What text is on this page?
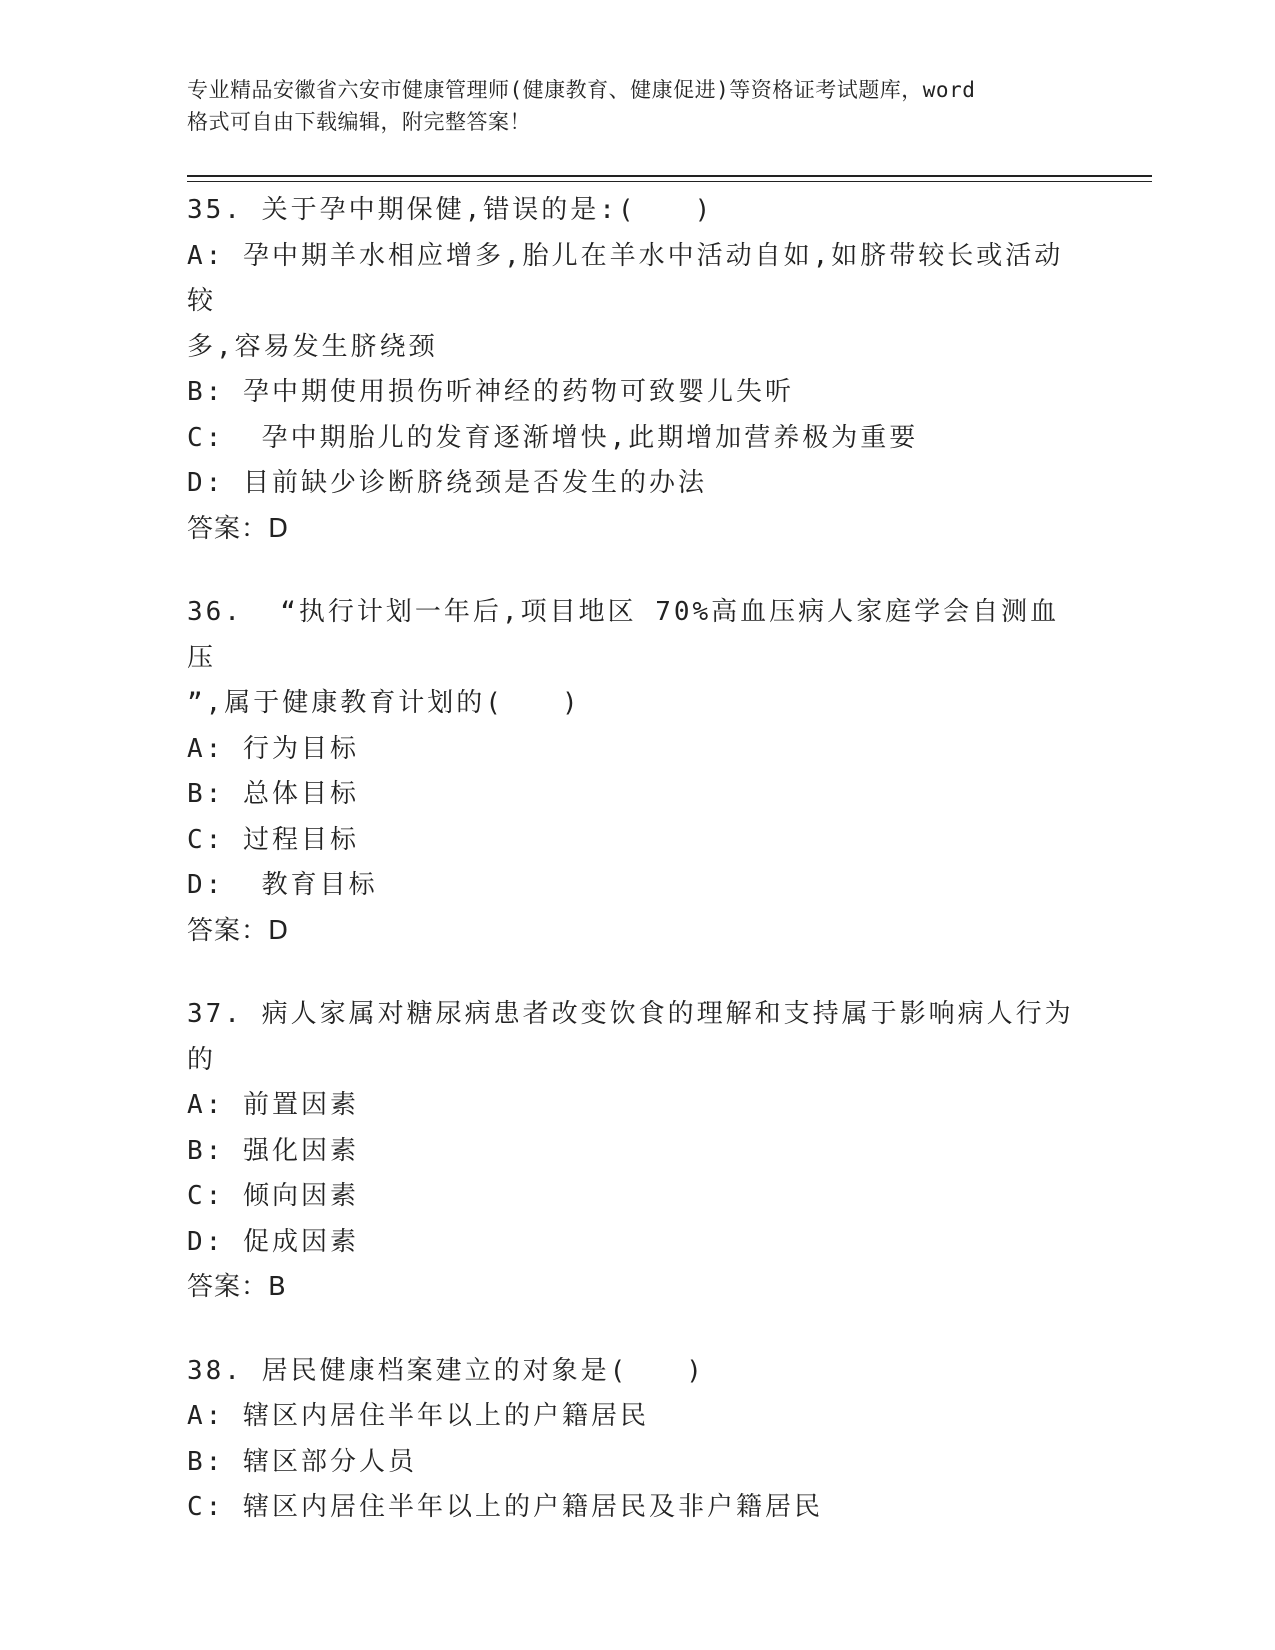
专业精品安徽省六安市健康管理师(健康教育、健康促进)等资格证考试题库，word
格式可自由下载编辑，附完整答案！
35. 关于孕中期保健,错误的是:(　　)
A: 孕中期羊水相应增多,胎儿在羊水中活动自如,如脐带较长或活动较
多,容易发生脐绕颈
B: 孕中期使用损伤听神经的药物可致婴儿失听
C:  孕中期胎儿的发育逐渐增快,此期增加营养极为重要
D: 目前缺少诊断脐绕颈是否发生的办法
答案：D
36.  “执行计划一年后,项目地区 70%高血压病人家庭学会自测血压
”,属于健康教育计划的(　　)
A: 行为目标
B: 总体目标
C: 过程目标
D:  教育目标
答案：D
37. 病人家属对糖尿病患者改变饮食的理解和支持属于影响病人行为
的
A: 前置因素
B: 强化因素
C: 倾向因素
D: 促成因素
答案：B
38. 居民健康档案建立的对象是(　　)
A: 辖区内居住半年以上的户籍居民
B: 辖区部分人员
C: 辖区内居住半年以上的户籍居民及非户籍居民
